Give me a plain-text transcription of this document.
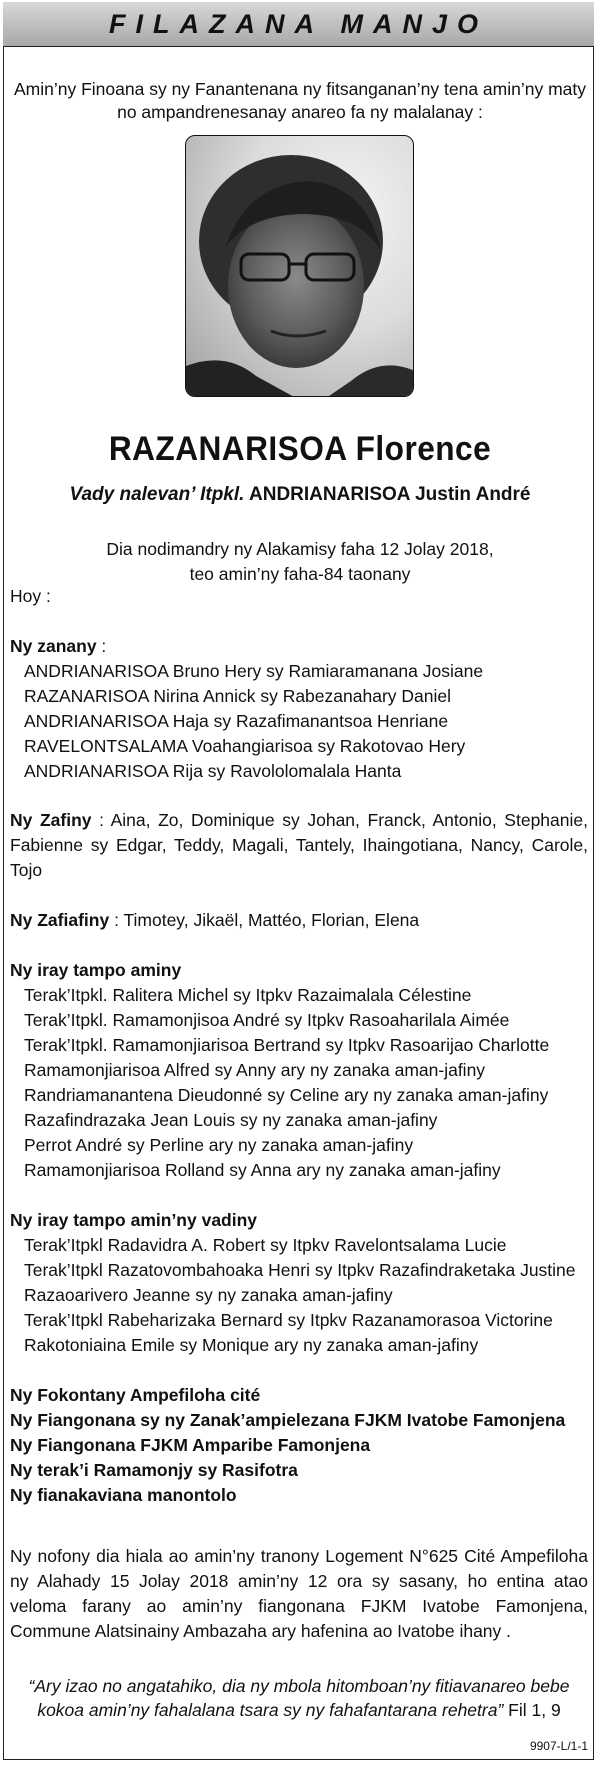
FILAZANA MANJO
Amin’ny Finoana sy ny Fanantenana ny fitsanganan’ny tena amin’ny maty
no ampandrenesanay anareo fa ny malalanay :
RAZANARISOA Florence
Vady nalevan’ Itpkl. ANDRIANARISOA Justin André
Dia nodimandry ny Alakamisy faha 12 Jolay 2018,
teo amin’ny faha-84 taonany
Hoy :
Ny zanany :
ANDRIANARISOA Bruno Hery sy Ramiaramanana Josiane
RAZANARISOA Nirina Annick sy Rabezanahary Daniel
ANDRIANARISOA Haja sy Razafimanantsoa Henriane
RAVELONTSALAMA Voahangiarisoa sy Rakotovao Hery
ANDRIANARISOA Rija sy Ravololomalala Hanta
Ny Zafiny : Aina, Zo, Dominique sy Johan, Franck, Antonio, Stephanie, Fabienne sy Edgar, Teddy, Magali, Tantely, Ihaingotiana, Nancy, Carole, Tojo
Ny Zafiafiny : Timotey, Jikaël, Mattéo, Florian, Elena
Ny iray tampo aminy
Terak’Itpkl. Ralitera Michel sy Itpkv Razaimalala Célestine
Terak’Itpkl. Ramamonjisoa André sy Itpkv Rasoaharilala Aimée
Terak’Itpkl. Ramamonjiarisoa Bertrand sy Itpkv Rasoarijao Charlotte
Ramamonjiarisoa Alfred sy Anny ary ny zanaka aman-jafiny
Randriamanantena Dieudonné sy Celine ary ny zanaka aman-jafiny
Razafindrazaka Jean Louis sy ny zanaka aman-jafiny
Perrot André sy Perline ary ny zanaka aman-jafiny
Ramamonjiarisoa Rolland sy Anna ary ny zanaka aman-jafiny
Ny iray tampo amin’ny vadiny
Terak’Itpkl Radavidra A. Robert sy Itpkv Ravelontsalama Lucie
Terak’Itpkl Razatovombahoaka Henri sy Itpkv Razafindraketaka Justine
Razaoarivero Jeanne sy ny zanaka aman-jafiny
Terak’Itpkl Rabeharizaka Bernard sy Itpkv Razanamorasoa Victorine
Rakotoniaina Emile sy Monique ary ny zanaka aman-jafiny
Ny Fokontany Ampefiloha cité
Ny Fiangonana sy ny Zanak’ampielezana FJKM Ivatobe Famonjena
Ny Fiangonana FJKM Amparibe Famonjena
Ny terak’i Ramamonjy sy Rasifotra
Ny fianakaviana manontolo
Ny nofony dia hiala ao amin’ny tranony Logement N°625 Cité Ampefiloha ny Alahady 15 Jolay 2018 amin’ny 12 ora sy sasany, ho entina atao veloma farany ao amin’ny fiangonana FJKM Ivatobe Famonjena, Commune Alatsinainy Ambazaha ary hafenina ao Ivatobe ihany .
“Ary izao no angatahiko, dia ny mbola hitomboan’ny fitiavanareo bebe
kokoa amin’ny fahalalana tsara sy ny fahafantarana rehetra” Fil 1, 9
9907-L/1-1
